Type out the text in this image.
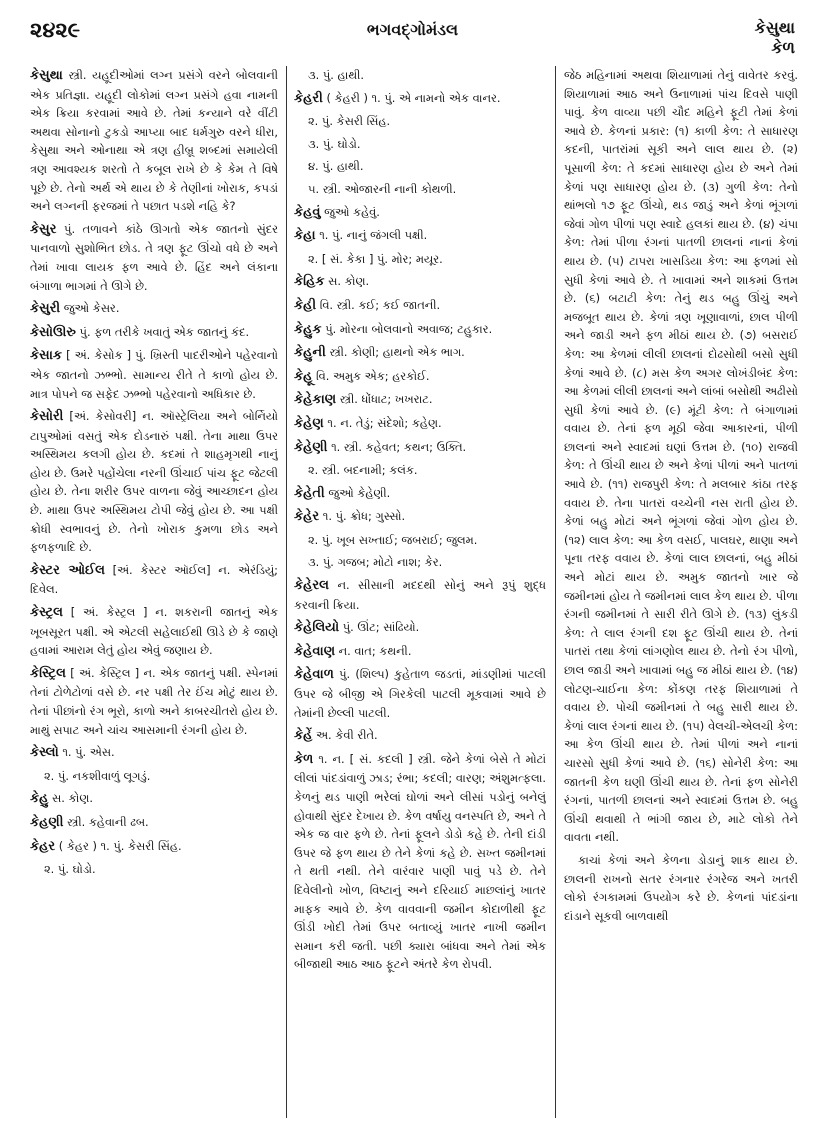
૨૪૨૯	ભગવદ્ગોમંડલ	કેસુથા
કેળ

કેસુથા સ્ત્રી. યહૂદીઓમાં લગ્ન પ્રસંગે વરને બોલવાની એક પ્રતિજ્ઞા. યહૂદી લોકોમાં લગ્ન પ્રસંગે હવા નામની એક ક્રિયા કરવામાં આવે છે. તેમાં કન્યાને વરે વીંટી અથવા સોનાનો ટુકડો આપ્યા બાદ ધર્મગુરુ વરને ધીરા, કેસુથા અને ઓનાથા એ ત્રણ હીબ્રૂ શબ્દમાં સમાયેલી ત્રણ આવશ્યક શરતો તે કબૂલ રાખે છે કે કેમ તે વિષે પૂછે છે. તેનો અર્થ એ થાય છે કે તેણીનાં ખોરાક, કપડાં અને લગ્નની ફરજમાં તે પછાત પડશે નહિ કે?

કેસુર પું. તળાવને કાંઠે ઊગતો એક જાતનો સુંદર પાનવાળો સુશોભિત છોડ. તે ત્રણ ફૂટ ઊંચો વધે છે અને તેમાં ખાવા લાયક ફળ આવે છે. હિંદ અને લંકાના બંગાળા ભાગમાં તે ઊગે છે.

કેસુરી જુઓ કેસર.

કેસોઊરુ પું. ફળ તરીકે ખવાતું એક જાતનું કંદ.

કેસાક [ અં. કેસોક ] પું. ખ્રિસ્તી પાદરીઓને પહેરવાનો એક જાતનો ઝભ્ભો. સામાન્ય રીતે તે કાળો હોય છે. માત્ર પોપને જ સફેદ ઝભ્ભો પહેરવાનો અધિકાર છે.

કેસોરી [અં. કેસોવરી] ન. ઑસ્ટ્રેલિયા અને બોર્નિયો ટાપુઓમાં વસતું એક દોડનારું પક્ષી. તેના માથા ઉપર અસ્થિમય કલગી હોય છે. કદમાં તે શાહમૃગથી નાનું હોય છે. ઉમરે પહોંચેલા નરની ઊંચાઈ પાંચ ફૂટ જેટલી હોય છે. તેના શરીર ઉપર વાળના જેવું આચ્છાદન હોય છે. માથા ઉપર અસ્થિમય ટોપી જેવું હોય છે. આ પક્ષી ક્રોધી સ્વભાવનું છે. તેનો ખોરાક કુમળા છોડ અને ફળફળાદિ છે.

કેસ્ટર ઓઈલ [અં. કેસ્ટર ઑઈલ] ન. એરંડિયું; દિવેલ.

કેસ્ટ્રલ [ અં. કેસ્ટ્રલ ] ન. શકરાની જાતનું એક ખૂબસૂરત પક્ષી. એ એટલી સહેલાઈથી ઊડે છે કે જાણે હવામાં આરામ લેતું હોય એવું જણાય છે.

કેસ્ટ્રિલ [ અં. કેસ્ટ્રિલ ] ન. એક જાતનું પક્ષી. સ્પેનમાં તેનાં ટોળેટોળાં વસે છે. નર પક્ષી તેર ઈંચ મોટું થાય છે. તેનાં પીછાંનો રંગ ભૂરો, કાળો અને કાબરચીતરો હોય છે. માથું સપાટ અને ચાંચ આસમાની રંગની હોય છે.

કેસ્લો ૧. પું. એસ.

૨. પું. નકશીવાળું લૂગડું.

કેહુ સ. કોણ.

કેહણી સ્ત્રી. કહેવાની ઢબ.

કેહર ( કેહર ) ૧. પું. કેસરી સિંહ.

૨. પું. ઘોડો.

૩. પું. હાથી.

કેહરી ( કેહરી ) ૧. પું. એ નામનો એક વાનર.

૨. પું. કેસરી સિંહ.

૩. પું. ઘોડો.

૪. પું. હાથી.

૫. સ્ત્રી. ઓજારની નાની કોથળી.

કેહવું જુઓ કહેવું.

કેહા ૧. પું. નાનું જંગલી પક્ષી.

૨. [ સં. કેકા ] પું. મોર; મયૂર.

કેહિક સ. કોણ.

કેહી વિ. સ્ત્રી. કઈ; કઈ જાતની.

કેહુક પું. મોરના બોલવાનો અવાજ; ટહુકાર.

કેહુની સ્ત્રી. કોણી; હાથનો એક ભાગ.

કેહૂ વિ. અમુક એક; હરકોઈ.

કેહેકાણ સ્ત્રી. ધોંધાટ; ખખરાટ.

કેહેણ ૧. ન. તેડું; સંદેશો; કહેણ.

કેહેણી ૧. સ્ત્રી. કહેવત; કથન; ઉક્તિ.

૨. સ્ત્રી. બદનામી; કલંક.

કેહેતી જુઓ કેહેણી.

કેહેર ૧. પું. ક્રોધ; ગુસ્સો.

૨. પું. ખૂબ સખ્તાઈ; જબરાઈ; જુલમ.

૩. પું. ગજબ; મોટો નાશ; કેર.

કેહેરલ ન. સીસાની મદદથી સોનું અને રૂપું શુદ્ધ કરવાની ક્રિયા.

કેહેલિયો પું. ઊંટ; સાંઢિયો.

કેહેવાણ ન. વાત; કથની.

કેહેવાળ પું. (શિલ્પ) કુહેતાળ જડતાં, માંડણીમાં પાટલી ઉપર જે બીજી એ ગિરકેલી પાટલી મૂકવામાં આવે છે તેમાંની છેલ્લી પાટલી.

કેહેં અ. કેવી રીતે.

કેળ ૧. ન. [ સં. કદલી ] સ્ત્રી. જેને કેળાં બેસે તે મોટાં લીલાં પાંદડાંવાળું ઝાડ; રંભા; કદલી; વારણ; અંશુમત્ફલા. કેળનું થડ પાણી ભરેલાં ઘોળાં અને લીસાં પડોનું બનેલું હોવાથી સુંદર દેખાય છે. કેળ વર્ષાયુ વનસ્પતિ છે, અને તે એક જ વાર ફળે છે. તેનાં ફૂલને ડોડો કહે છે. તેની દાંડી ઉપર જે ફળ થાય છે તેને કેળાં કહે છે. સખ્ત જમીનમાં તે થતી નથી. તેને વારંવાર પાણી પાવું પડે છે. તેને દિવેલીનો ખોળ, વિષ્ટાનું અને દરિયાઈ માછલાંનું ખાતર માફક આવે છે. કેળ વાવવાની જમીન કોદાળીથી ફૂટ ઊંડી ખોદી તેમાં ઉપર બતાવ્યું ખાતર નાખી જમીન સમાન કરી જતી. પછી ક્યારા બાંધવા અને તેમાં એક બીજાથી આઠ આઠ ફૂટને અંતરે કેળ રોપવી.

જેઠ મહિનામાં અથવા શિયાળામાં તેનું વાવેતર કરવું. શિયાળામાં આઠ અને ઉનાળામાં પાંચ દિવસે પાણી પાવું. કેળ વાવ્યા પછી ચૌદ મહિને ફૂટી તેમાં કેળાં આવે છે. કેળનાં પ્રકાર: (૧) કાળી કેળ: તે સાધારણ કદની, પાતરાંમાં સૂકી અને લાલ થાય છે. (૨) પૂસાળી કેળ: તે કદમાં સાધારણ હોય છે અને તેમાં કેળાં પણ સાધારણ હોય છે. (૩) ગુળી કેળ: તેનો થાંભલો ૧૭ ફૂટ ઊંચો, થડ જાડું અને કેળાં ભૂંગળાં જેવાં ગોળ પીળાં પણ સ્વાદે હલકાં થાય છે. (૪) ચંપા કેળ: તેમાં પીળા રંગનાં પાતળી છાલનાં નાનાં કેળાં થાય છે. (૫) ટાપરા ખાસડિયા કેળ: આ ફળમાં સો સુધી કેળાં આવે છે. તે ખાવામાં અને શાકમાં ઉત્તમ છે. (૬) બટાટી કેળ: તેનું થડ બહુ ઊંચું અને મજબૂત થાય છે. કેળાં ત્રણ ખૂણાવાળાં, છાલ પીળી અને જાડી અને ફળ મીઠાં થાય છે. (૭) બસરાઈ કેળ: આ કેળમાં લીલી છાલનાં દોઢસોથી બસો સુધી કેળાં આવે છે. (૮) મસ કેળ અગર લોખંડીબંદ કેળ: આ કેળમાં લીલી છાલનાં અને લાંબાં બસોથી અઢીસો સુધી કેળાં આવે છે. (૯) મૂંટી કેળ: તે બંગાળામાં વવાય છે. તેનાં ફળ મૂઠી જેવા આકારનાં, પીળી છાલનાં અને સ્વાદમાં ઘણાં ઉત્તમ છે. (૧૦) રાજવી કેળ: તે ઊંચી થાય છે અને કેળાં પીળાં અને પાતળાં આવે છે. (૧૧) રાજપુરી કેળ: તે મલબાર કાંઠા તરફ વવાય છે. તેના પાતરાં વચ્ચેની નસ રાતી હોય છે. કેળાં બહુ મોટાં અને ભૂંગળાં જેવાં ગોળ હોય છે. (૧૨) લાલ કેળ: આ કેળ વસઈ, પાલઘર, થાણા અને પૂના તરફ વવાય છે. કેળાં લાલ છાલનાં, બહુ મીઠાં અને મોટાં થાય છે. અમુક જાતનો ખાર જે જમીનમાં હોય તે જમીનમાં લાલ કેળ થાય છે. પીળા રંગની જમીનમાં તે સારી રીતે ઊગે છે. (૧૩) લુંકડી કેળ: તે લાલ રંગની દશ ફૂટ ઊંચી થાય છે. તેનાં પાતરાં તથા કેળાં લાંગણોલ થાય છે. તેનો રંગ પીળો, છાલ જાડી અને ખાવામાં બહુ જ મીઠાં થાય છે. (૧૪) લોટણ-ચાઈના કેળ: કોંકણ તરફ શિયાળામાં તે વવાય છે. પોચી જમીનમાં તે બહુ સારી થાય છે. કેળાં લાલ રંગનાં થાય છે. (૧૫) વેલચી-એલચી કેળ: આ કેળ ઊંચી થાય છે. તેમાં પીળાં અને નાનાં ચારસો સુધી કેળાં આવે છે. (૧૬) સોનેરી કેળ: આ જાતની કેળ ઘણી ઊંચી થાય છે. તેનાં ફળ સોનેરી રંગનાં, પાતળી છાલનાં અને સ્વાદમાં ઉત્તમ છે. બહુ ઊંચી થવાથી તે ભાંગી જાય છે, માટે લોકો તેને વાવતા નથી.

કાચાં કેળાં અને કેળના ડોડાનું શાક થાય છે. છાલની રાખનો સતર રંગનાર રંગરેજ અને ખતરી લોકો રંગકામમાં ઉપયોગ કરે છે. કેળનાં પાંદડાંના દાંડાને સૂકવી બાળવાથી
